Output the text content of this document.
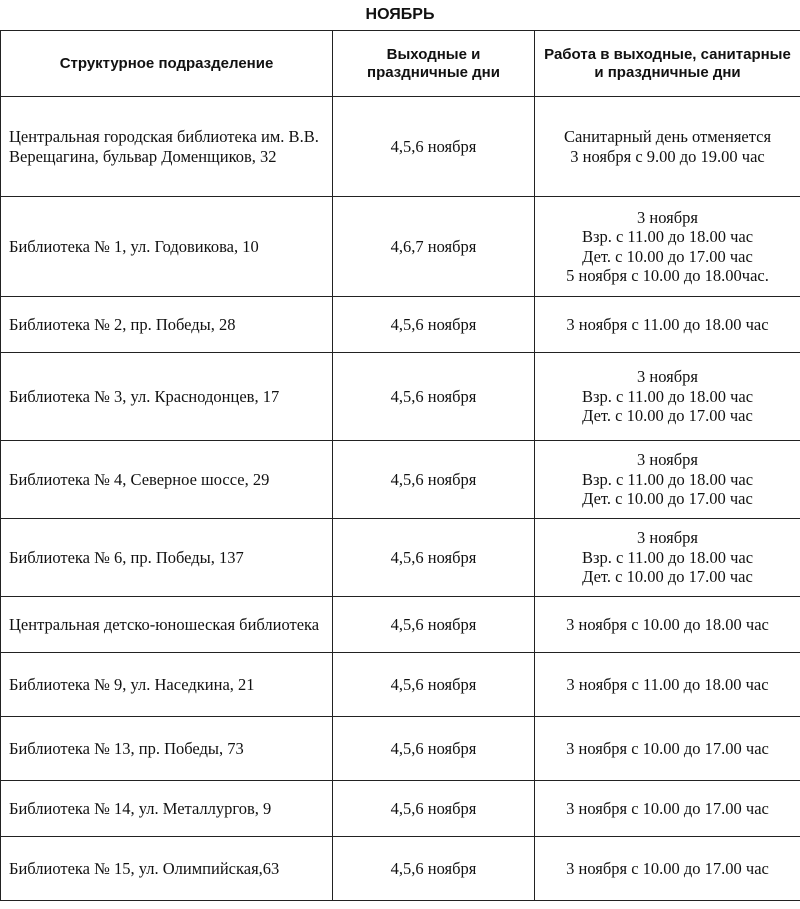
НОЯБРЬ
Структурное подразделение	Выходные и праздничные дни	Работа в выходные, санитарные и праздничные дни
Центральная городская библиотека им. В.В. Верещагина, бульвар Доменщиков, 32	4,5,6 ноября	Санитарный день отменяется
3 ноября с 9.00 до 19.00 час

Библиотека № 1, ул. Годовикова, 10	4,6,7 ноября	3 ноября
Взр. с 11.00 до 18.00 час
Дет. с 10.00 до 17.00 час
5 ноября с 10.00 до 18.00час.

Библиотека № 2, пр. Победы, 28	4,5,6 ноября	3 ноября с 11.00 до 18.00 час

Библиотека № 3, ул. Краснодонцев, 17	4,5,6 ноября	3 ноября
Взр. с 11.00 до 18.00 час
Дет. с 10.00 до 17.00 час

Библиотека № 4, Северное шоссе, 29	4,5,6 ноября	3 ноября
Взр. с 11.00 до 18.00 час
Дет. с 10.00 до 17.00 час

Библиотека № 6, пр. Победы, 137	4,5,6 ноября	3 ноября
Взр. с 11.00 до 18.00 час
Дет. с 10.00 до 17.00 час

Центральная детско-юношеская библиотека	4,5,6 ноября	3 ноября с 10.00 до 18.00 час

Библиотека № 9, ул. Наседкина, 21	4,5,6 ноября	3 ноября с 11.00 до 18.00 час

Библиотека № 13, пр. Победы, 73	4,5,6 ноября	3 ноября с 10.00 до 17.00 час

Библиотека № 14, ул. Металлургов, 9	4,5,6 ноября	3 ноября с 10.00 до 17.00 час

Библиотека № 15, ул. Олимпийская,63	4,5,6 ноября	3 ноября с 10.00 до 17.00 час
